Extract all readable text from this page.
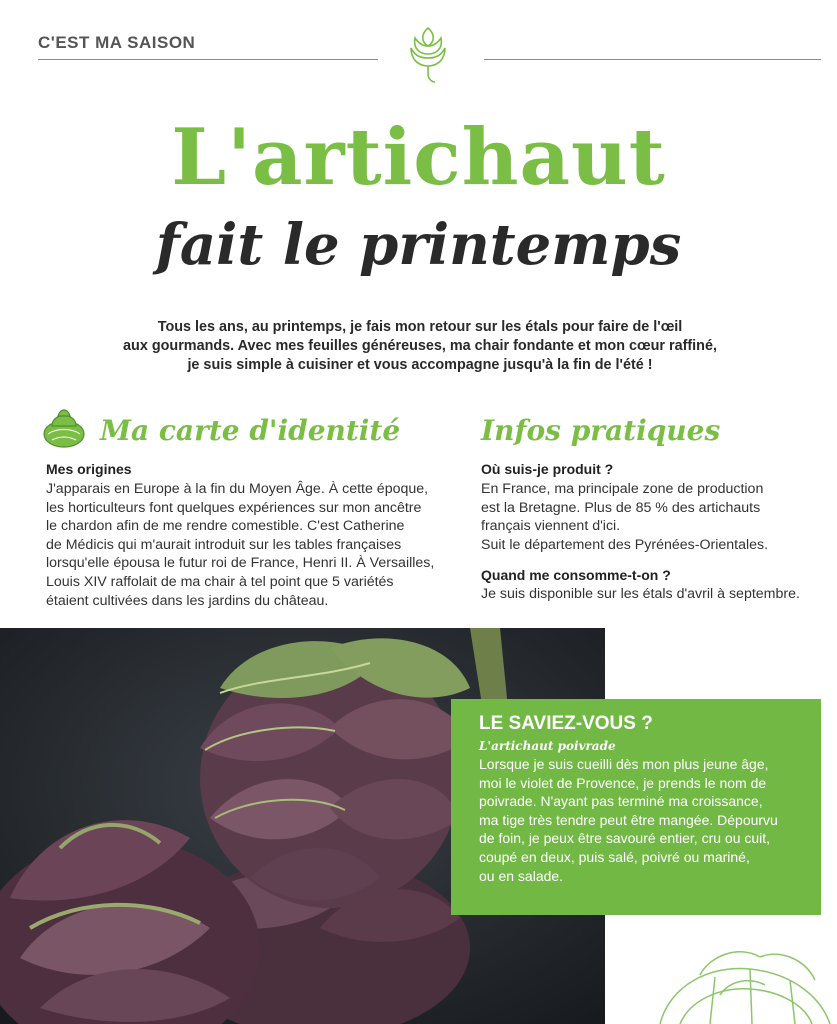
C'EST MA SAISON
L'artichaut
fait le printemps
Tous les ans, au printemps, je fais mon retour sur les étals pour faire de l'œil
aux gourmands. Avec mes feuilles généreuses, ma chair fondante et mon cœur raffiné,
je suis simple à cuisiner et vous accompagne jusqu'à la fin de l'été !
Ma carte d'identité
Mes origines
J'apparais en Europe à la fin du Moyen Âge. À cette époque,
les horticulteurs font quelques expériences sur mon ancêtre
le chardon afin de me rendre comestible. C'est Catherine
de Médicis qui m'aurait introduit sur les tables françaises
lorsqu'elle épousa le futur roi de France, Henri II. À Versailles,
Louis XIV raffolait de ma chair à tel point que 5 variétés
étaient cultivées dans les jardins du château.
Infos pratiques
Où suis-je produit ?
En France, ma principale zone de production
est la Bretagne. Plus de 85 % des artichauts
français viennent d'ici.
Suit le département des Pyrénées-Orientales.
Quand me consomme-t-on ?
Je suis disponible sur les étals d'avril à septembre.
LE SAVIEZ-VOUS ?
L'artichaut poivrade
Lorsque je suis cueilli dès mon plus jeune âge,
moi le violet de Provence, je prends le nom de
poivrade. N'ayant pas terminé ma croissance,
ma tige très tendre peut être mangée. Dépourvu
de foin, je peux être savouré entier, cru ou cuit,
coupé en deux, puis salé, poivré ou mariné,
ou en salade.
